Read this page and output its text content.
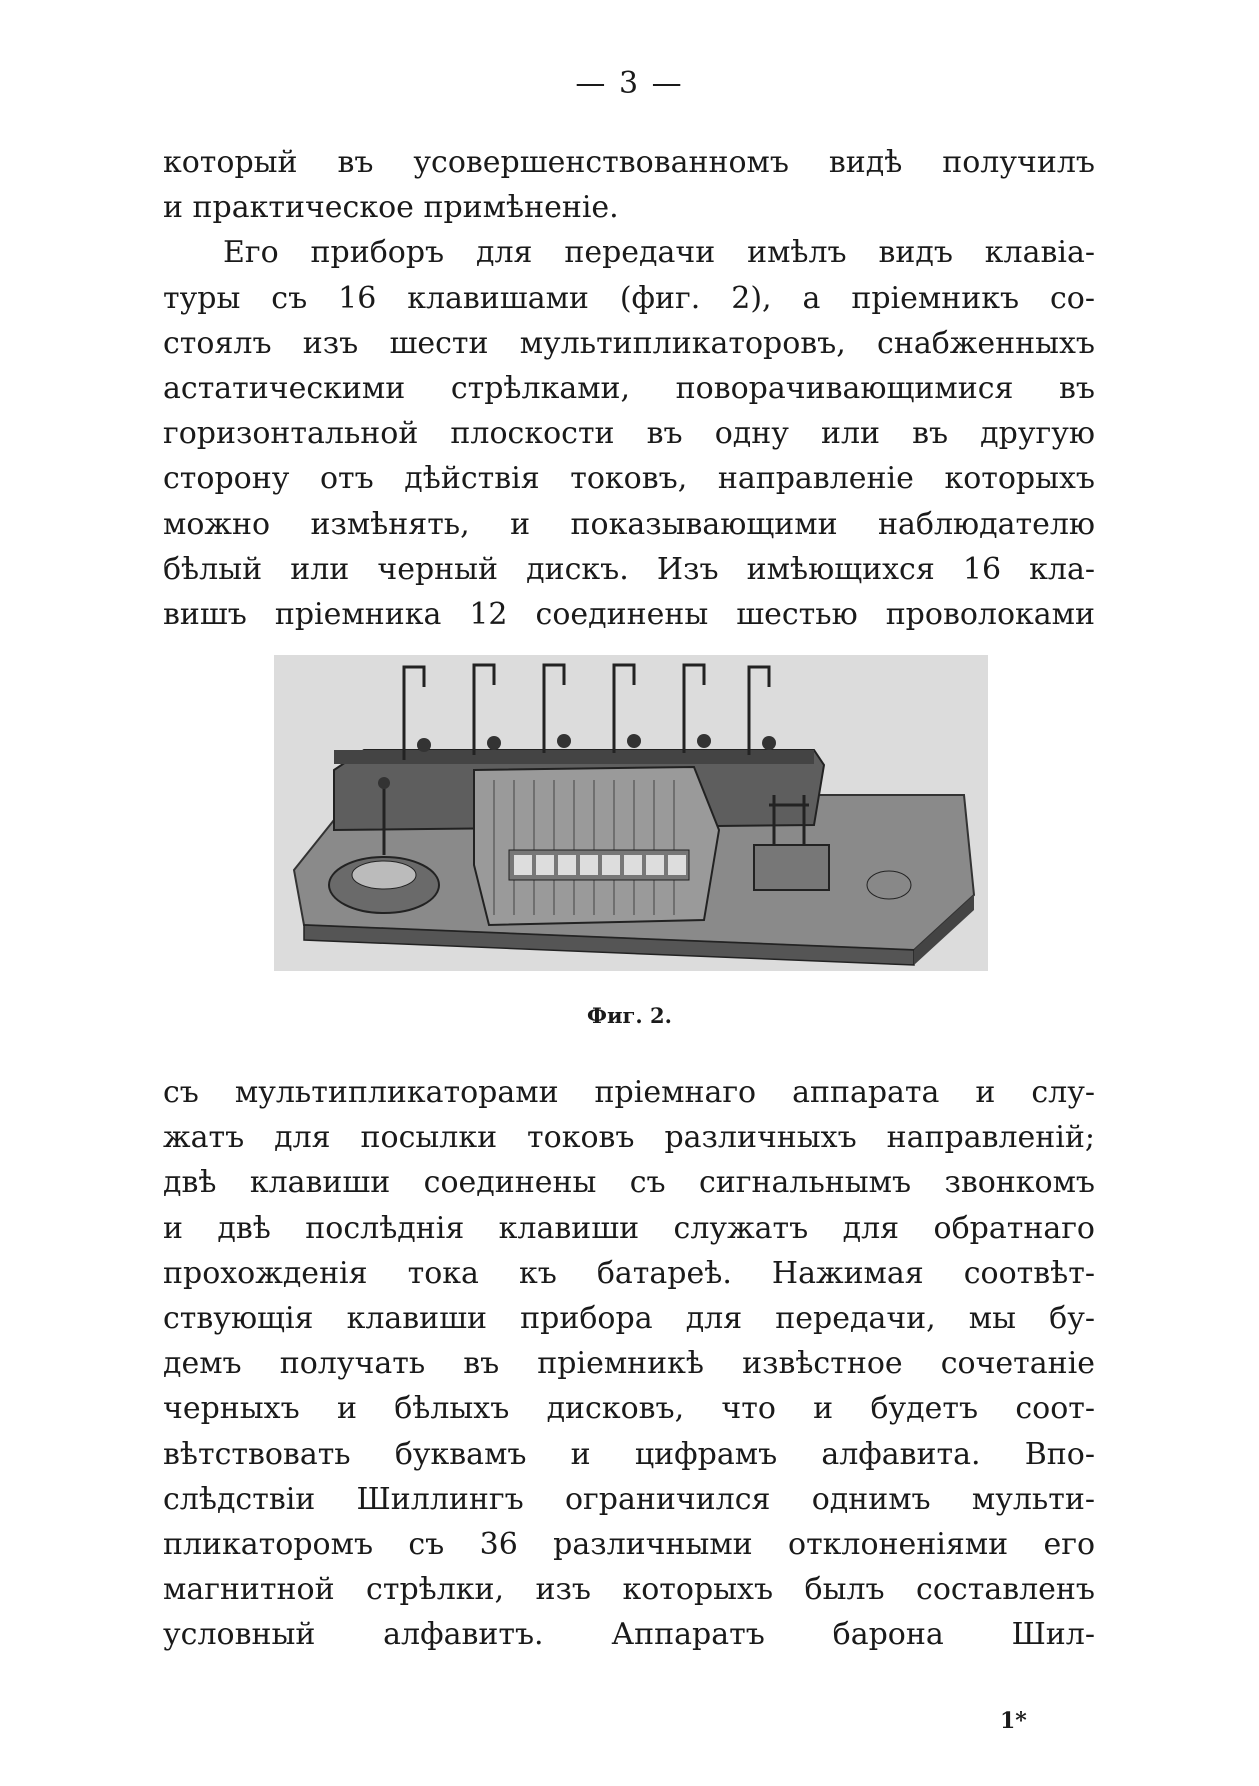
— 3 —
который въ усовершенствованномъ видѣ получилъ
и практическое примѣненіе.
Его приборъ для передачи имѣлъ видъ клавіа-
туры съ 16 клавишами (фиг. 2), а пріемникъ со-
стоялъ изъ шести мультипликаторовъ, снабженныхъ
астатическими стрѣлками, поворачивающимися въ
горизонтальной плоскости въ одну или въ другую
сторону отъ дѣйствія токовъ, направленіе которыхъ
можно измѣнять, и показывающими наблюдателю
бѣлый или черный дискъ. Изъ имѣющихся 16 кла-
вишъ пріемника 12 соединены шестью проволоками
Фиг. 2.
съ мультипликаторами пріемнаго аппарата и слу-
жатъ для посылки токовъ различныхъ направленій;
двѣ клавиши соединены съ сигнальнымъ звонкомъ
и двѣ послѣднія клавиши служатъ для обратнаго
прохожденія тока къ батареѣ. Нажимая соотвѣт-
ствующія клавиши прибора для передачи, мы бу-
демъ получать въ пріемникѣ извѣстное сочетаніе
черныхъ и бѣлыхъ дисковъ, что и будетъ соот-
вѣтствовать буквамъ и цифрамъ алфавита. Впо-
слѣдствіи Шиллингъ ограничился однимъ мульти-
пликаторомъ съ 36 различными отклоненіями его
магнитной стрѣлки, изъ которыхъ былъ составленъ
условный алфавитъ. Аппаратъ барона Шил-
1*
